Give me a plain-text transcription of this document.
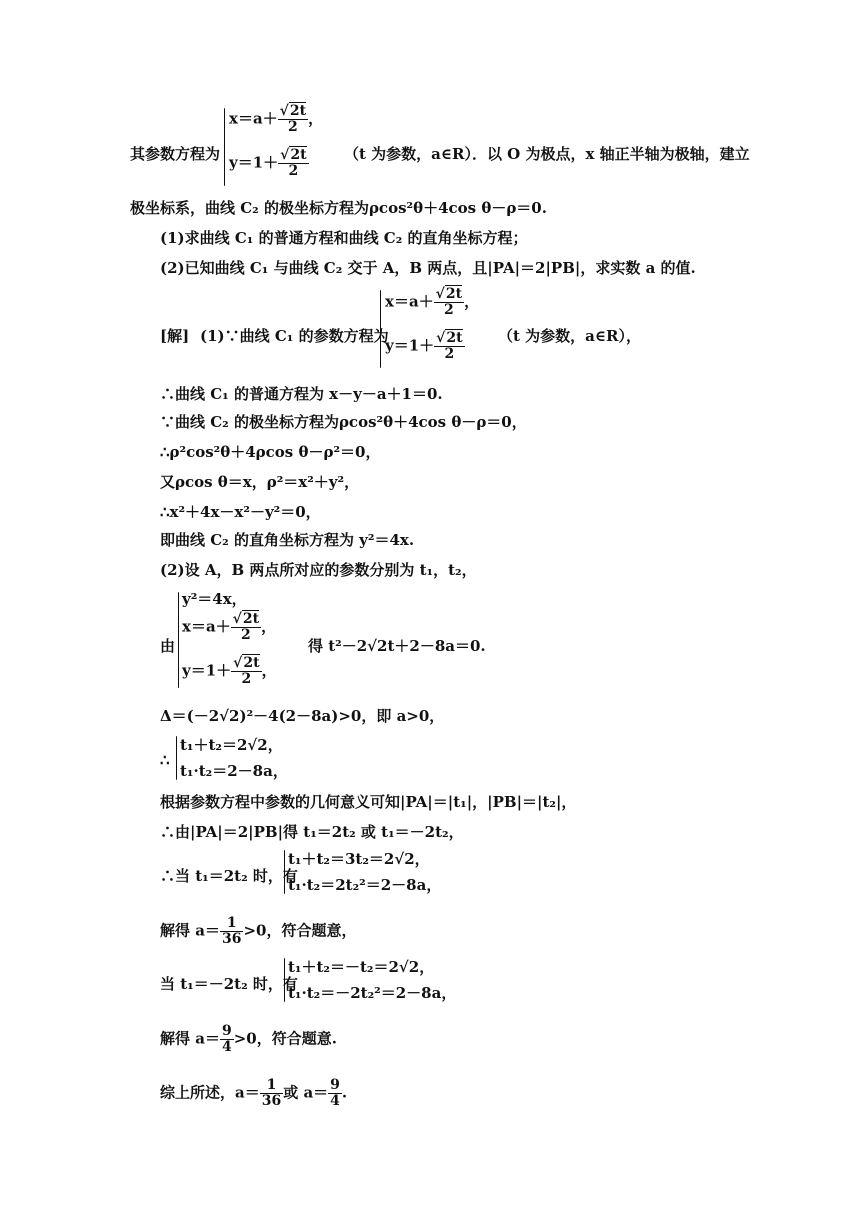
其参数方程为
$x=a+ \frac{√2t}{2}$ ，
$y=1+ \frac{√2t}{2} (t$ 为参数，a∈R）．以 O 为极点，x 轴正半轴为极轴，建立
极坐标系，曲线 C₂ 的极坐标方程为ρcos²θ＋4cos θ－ρ＝0.
(1)求曲线 C₁ 的普通方程和曲线 C₂ 的直角坐标方程；
(2)已知曲线 C₁ 与曲线 C₂ 交于 A，B 两点，且|PA|＝2|PB|，求实数 a 的值.
[解] (1)∵曲线 C₁ 的参数方程为
$x=a+ \frac{√2t}{2}$ ，
$y=1+ \frac{√2t}{2} (t$ 为参数，a∈R），
∴曲线 C₁ 的普通方程为 x－y－a＋1＝0.
∵曲线 C₂ 的极坐标方程为ρcos²θ＋4cos θ－ρ＝0，
∴ρ²cos²θ＋4ρcos θ－ρ²＝0，
又ρcos θ＝x，ρ²＝x²＋y²，
∴x²＋4x－x²－y²＝0，
即曲线 C₂ 的直角坐标方程为 y²＝4x.
(2)设 A，B 两点所对应的参数分别为 t₁，t₂，
由
y²＝4x，
$x=a+ \frac{√2t}{2}$ ，
$y=1+ \frac{√2t}{2}$ ，
得 t²－2√2t＋2－8a＝0.
Δ＝(－2√2)²－4(2－8a)>0，即 a>0，
∴
t₁＋t₂＝2√2，
t₁·t₂＝2－8a，
根据参数方程中参数的几何意义可知|PA|＝|t₁|，|PB|＝|t₂|，
∴由|PA|＝2|PB|得 t₁＝2t₂ 或 t₁＝－2t₂，
∴当 t₁＝2t₂ 时，有
t₁＋t₂＝3t₂＝2√2，
t₁·t₂＝2t₂²＝2－8a，
解得 $a= \frac{1}{36} >0$，符合题意，
当 t₁＝－2t₂ 时，有
t₁＋t₂＝－t₂＝2√2，
t₁·t₂＝－2t₂²＝2－8a，
解得 $a= \frac{9}{4} >0$，符合题意.
综上所述，$a= \frac{1}{36}$ 或 $a= \frac{9}{4}$ .
